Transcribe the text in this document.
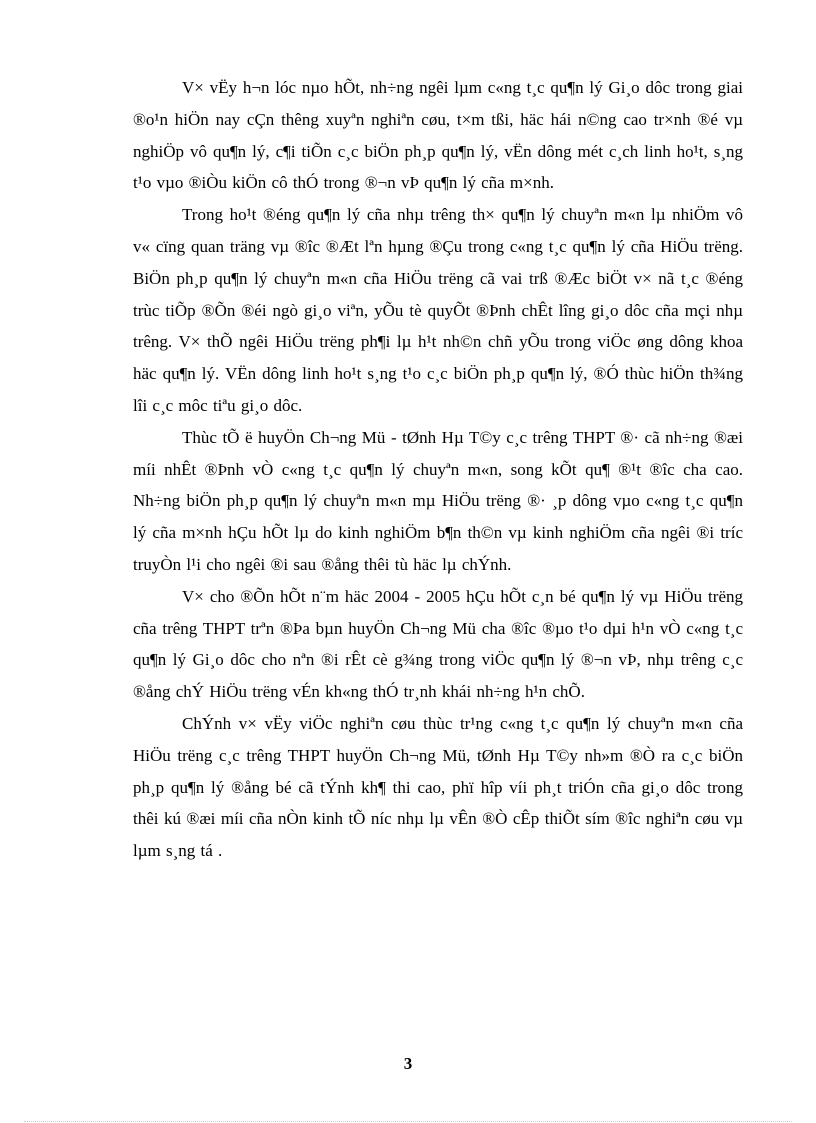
V× vËy h¬n lóc nµo hÕt, nh÷ng ngêi lµm c«ng t¸c qu¶n lý Gi¸o dôc trong giai ®o¹n hiÖn nay cÇn thêng xuyªn nghiªn cøu, t×m tßi, häc hái n©ng cao tr×nh ®é vµ nghiÖp vô qu¶n lý, c¶i tiÕn c¸c biÖn ph¸p qu¶n lý, vËn dông mét c¸ch linh ho¹t, s¸ng t¹o vµo ®iÒu kiÖn cô thÓ trong ®¬n vÞ qu¶n lý cña m×nh.

Trong ho¹t ®éng qu¶n lý cña nhµ trêng th× qu¶n lý chuyªn m«n lµ nhiÖm vô v« cïng quan träng vµ ®îc ®Æt lªn hµng ®Çu trong c«ng t¸c qu¶n lý cña HiÖu trëng. BiÖn ph¸p qu¶n lý chuyªn m«n cña HiÖu trëng cã vai trß ®Æc biÖt v× nã t¸c ®éng trùc tiÕp ®Õn ®éi ngò gi¸o viªn, yÕu tè quyÕt ®Þnh chÊt lîng gi¸o dôc cña mçi nhµ trêng. V× thÕ ngêi HiÖu trëng ph¶i lµ h¹t nh©n chñ yÕu trong viÖc øng dông khoa häc qu¶n lý. VËn dông linh ho¹t s¸ng t¹o c¸c biÖn ph¸p qu¶n lý, ®Ó thùc hiÖn th¾ng lîi c¸c môc tiªu gi¸o dôc.

Thùc tÕ ë huyÖn Ch¬ng Mü - tØnh Hµ T©y c¸c trêng THPT ®· cã nh÷ng ®æi míi nhÊt ®Þnh vÒ c«ng t¸c qu¶n lý chuyªn m«n, song kÕt qu¶ ®¹t ®îc cha cao. Nh÷ng biÖn ph¸p qu¶n lý chuyªn m«n mµ HiÖu trëng ®· ¸p dông vµo c«ng t¸c qu¶n lý cña m×nh hÇu hÕt lµ do kinh nghiÖm b¶n th©n vµ kinh nghiÖm cña ngêi ®i tríc truyÒn l¹i cho ngêi ®i sau ®ång thêi tù häc lµ chÝnh.

V× cho ®Õn hÕt n¨m häc 2004 - 2005 hÇu hÕt c¸n bé qu¶n lý vµ HiÖu trëng cña trêng THPT trªn ®Þa bµn huyÖn Ch¬ng Mü cha ®îc ®µo t¹o dµi h¹n vÒ c«ng t¸c qu¶n lý Gi¸o dôc cho nªn ®i rÊt cè g¾ng trong viÖc qu¶n lý ®¬n vÞ, nhµ trêng c¸c ®ång chÝ HiÖu trëng vÉn kh«ng thÓ tr¸nh khái nh÷ng h¹n chÕ.

ChÝnh v× vËy viÖc nghiªn cøu thùc tr¹ng c«ng t¸c qu¶n lý chuyªn m«n cña HiÖu trëng c¸c trêng THPT huyÖn Ch¬ng Mü, tØnh Hµ T©y nh»m ®Ò ra c¸c biÖn ph¸p qu¶n lý ®ång bé cã tÝnh kh¶ thi cao, phï hîp víi ph¸t triÓn cña gi¸o dôc trong thêi kú ®æi míi cña nÒn kinh tÕ níc nhµ lµ vÊn ®Ò cÊp thiÕt sím ®îc nghiªn cøu vµ lµm s¸ng tá .

3
